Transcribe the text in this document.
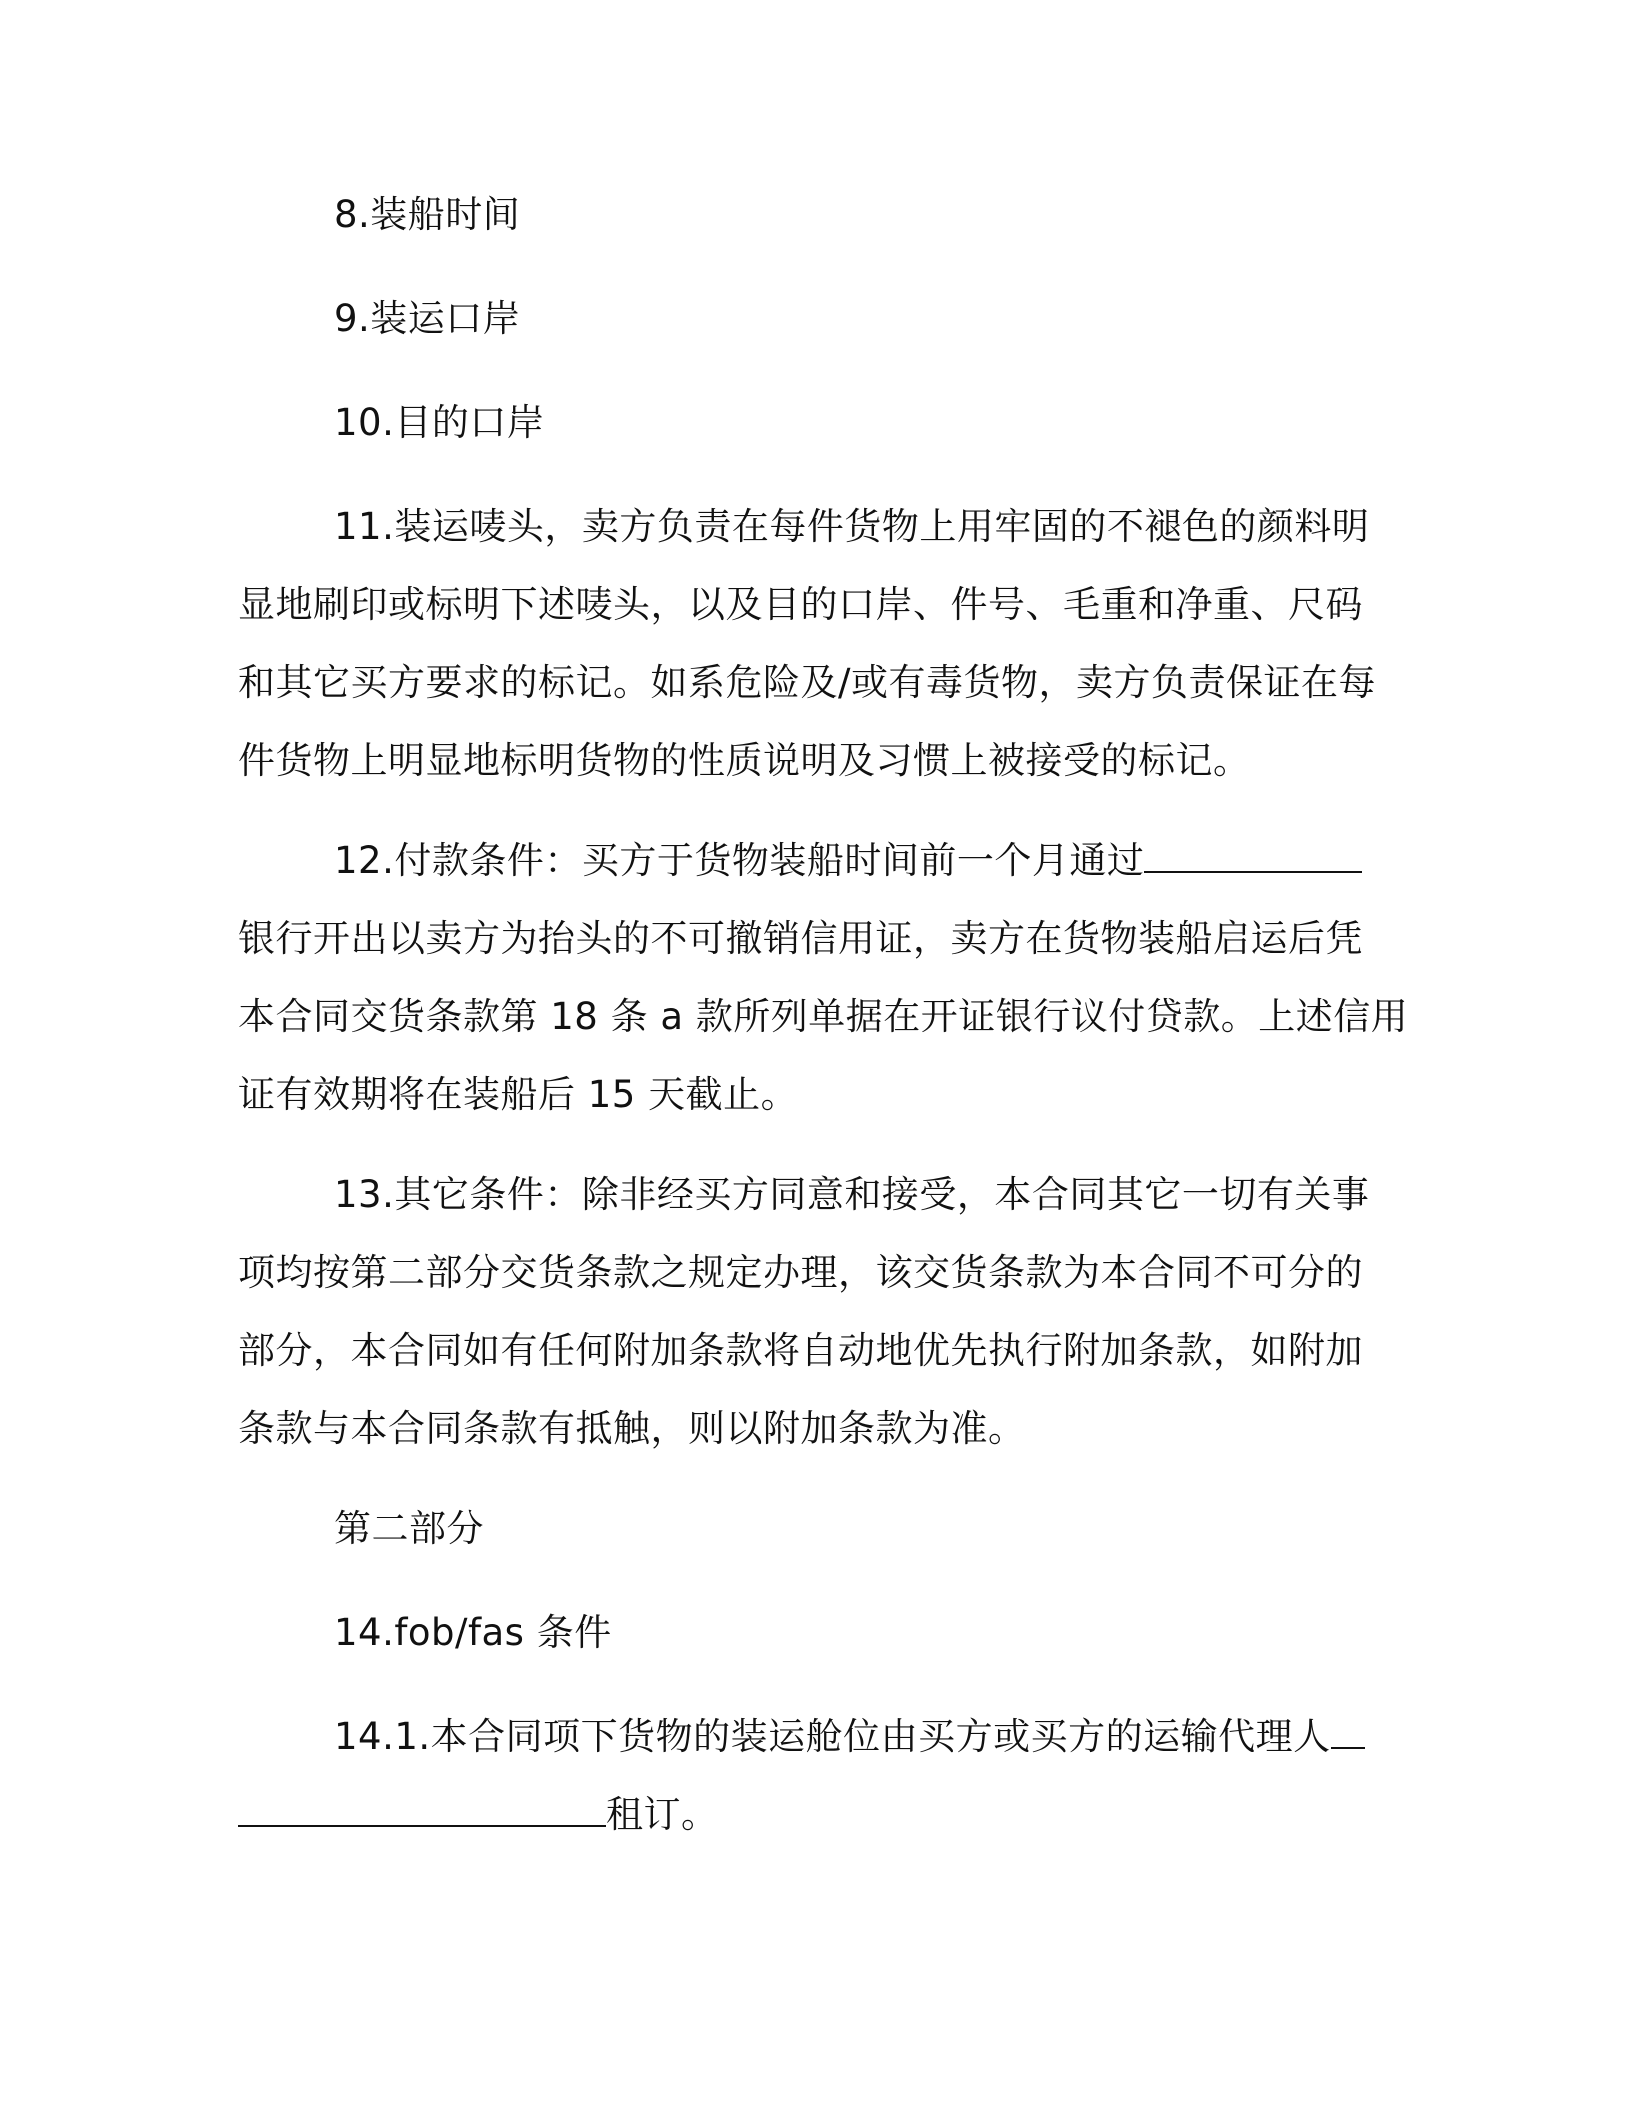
8.装船时间
9.装运口岸
10.目的口岸
11.装运唛头，卖方负责在每件货物上用牢固的不褪色的颜料明
显地刷印或标明下述唛头，以及目的口岸、件号、毛重和净重、尺码
和其它买方要求的标记。如系危险及/或有毒货物，卖方负责保证在每
件货物上明显地标明货物的性质说明及习惯上被接受的标记。
12.付款条件：买方于货物装船时间前一个月通过
银行开出以卖方为抬头的不可撤销信用证，卖方在货物装船启运后凭
本合同交货条款第 18 条 a 款所列单据在开证银行议付贷款。上述信用
证有效期将在装船后 15 天截止。
13.其它条件：除非经买方同意和接受，本合同其它一切有关事
项均按第二部分交货条款之规定办理，该交货条款为本合同不可分的
部分，本合同如有任何附加条款将自动地优先执行附加条款，如附加
条款与本合同条款有抵触，则以附加条款为准。
第二部分
14.fob/fas 条件
14.1.本合同项下货物的装运舱位由买方或买方的运输代理人
租订。
